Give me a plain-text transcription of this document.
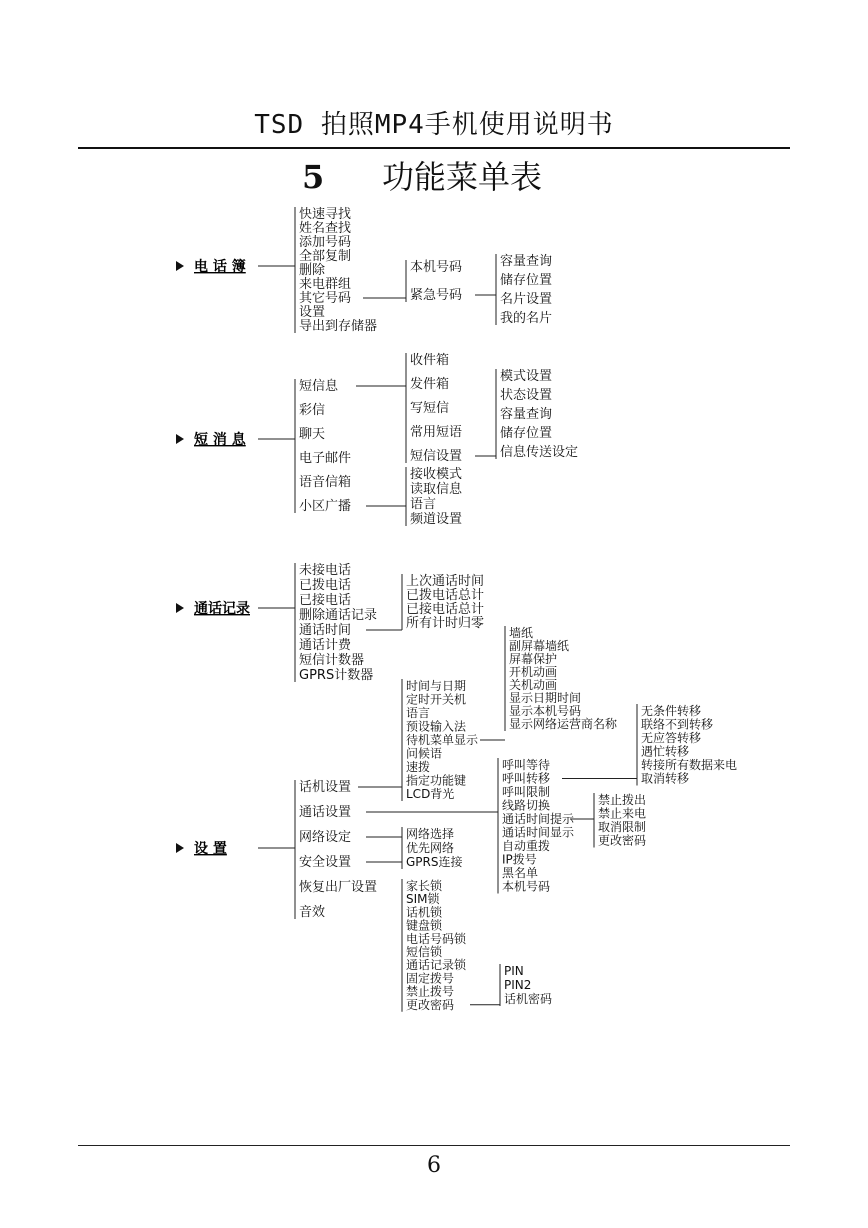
TSD 拍照MP4手机使用说明书
5 功能菜单表
快速寻找
姓名查找
添加号码
全部复制
删除
来电群组
其它号码
设置
导出到存储器
本机号码
紧急号码
容量查询
储存位置
名片设置
我的名片
短信息
彩信
聊天
电子邮件
语音信箱
小区广播
收件箱
发件箱
写短信
常用短语
短信设置
模式设置
状态设置
容量查询
储存位置
信息传送设定
接收模式
读取信息
语言
频道设置
未接电话
已拨电话
已接电话
删除通话记录
通话时间
通话计费
短信计数器
GPRS计数器
上次通话时间
已拨电话总计
已接电话总计
所有计时归零
话机设置
通话设置
网络设定
安全设置
恢复出厂设置
音效
时间与日期
定时开关机
语言
预设输入法
待机菜单显示
问候语
速拨
指定功能键
LCD背光
墙纸
副屏幕墙纸
屏幕保护
开机动画
关机动画
显示日期时间
显示本机号码
显示网络运营商名称
呼叫等待
呼叫转移
呼叫限制
线路切换
通话时间提示
通话时间显示
自动重拨
IP拨号
黑名单
本机号码
无条件转移
联络不到转移
无应答转移
遇忙转移
转接所有数据来电
取消转移
禁止拨出
禁止来电
取消限制
更改密码
网络选择
优先网络
GPRS连接
家长锁
SIM锁
话机锁
键盘锁
电话号码锁
短信锁
通话记录锁
固定拨号
禁止拨号
更改密码
PIN
PIN2
话机密码
电 话 簿
短 消 息
通话记录
设 置
6
